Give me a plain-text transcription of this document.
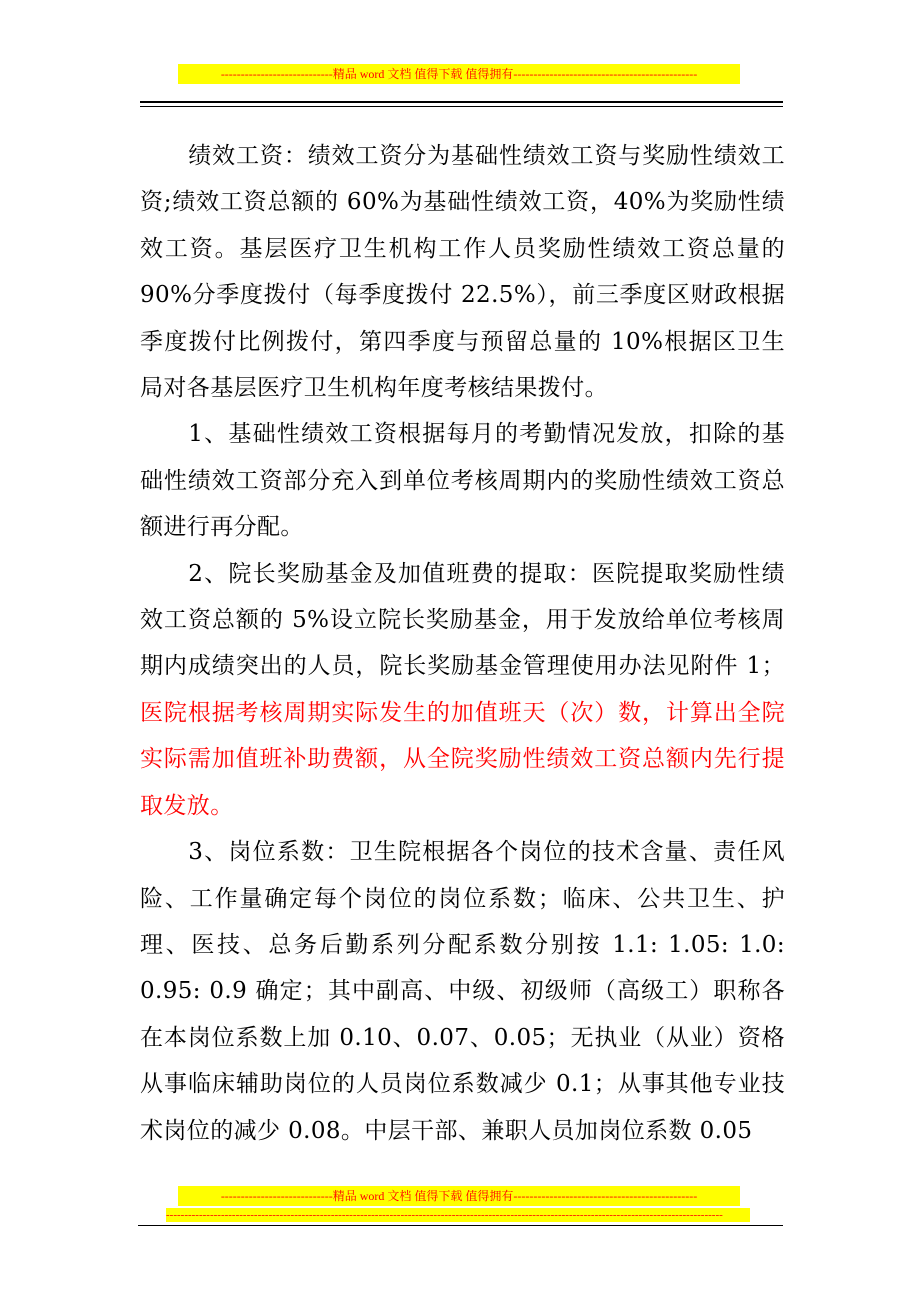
----------------------------精品 word 文档 值得下载 值得拥有----------------------------------------------

绩效工资：绩效工资分为基础性绩效工资与奖励性绩效工资;绩效工资总额的 60%为基础性绩效工资，40%为奖励性绩效工资。基层医疗卫生机构工作人员奖励性绩效工资总量的 90%分季度拨付（每季度拨付 22.5%），前三季度区财政根据季度拨付比例拨付，第四季度与预留总量的 10%根据区卫生局对各基层医疗卫生机构年度考核结果拨付。

1、基础性绩效工资根据每月的考勤情况发放，扣除的基础性绩效工资部分充入到单位考核周期内的奖励性绩效工资总额进行再分配。

2、院长奖励基金及加值班费的提取：医院提取奖励性绩效工资总额的 5%设立院长奖励基金，用于发放给单位考核周期内成绩突出的人员，院长奖励基金管理使用办法见附件 1；医院根据考核周期实际发生的加值班天（次）数，计算出全院实际需加值班补助费额，从全院奖励性绩效工资总额内先行提取发放。

3、岗位系数：卫生院根据各个岗位的技术含量、责任风险、工作量确定每个岗位的岗位系数；临床、公共卫生、护理、医技、总务后勤系列分配系数分别按 1.1: 1.05: 1.0: 0.95: 0.9 确定；其中副高、中级、初级师（高级工）职称各在本岗位系数上加 0.10、0.07、0.05；无执业（从业）资格从事临床辅助岗位的人员岗位系数减少 0.1；从事其他专业技术岗位的减少 0.08。中层干部、兼职人员加岗位系数 0.05

----------------------------精品 word 文档 值得下载 值得拥有----------------------------------------------
--------------------------------------------------------------------------------------------------------------------------------------------------------
